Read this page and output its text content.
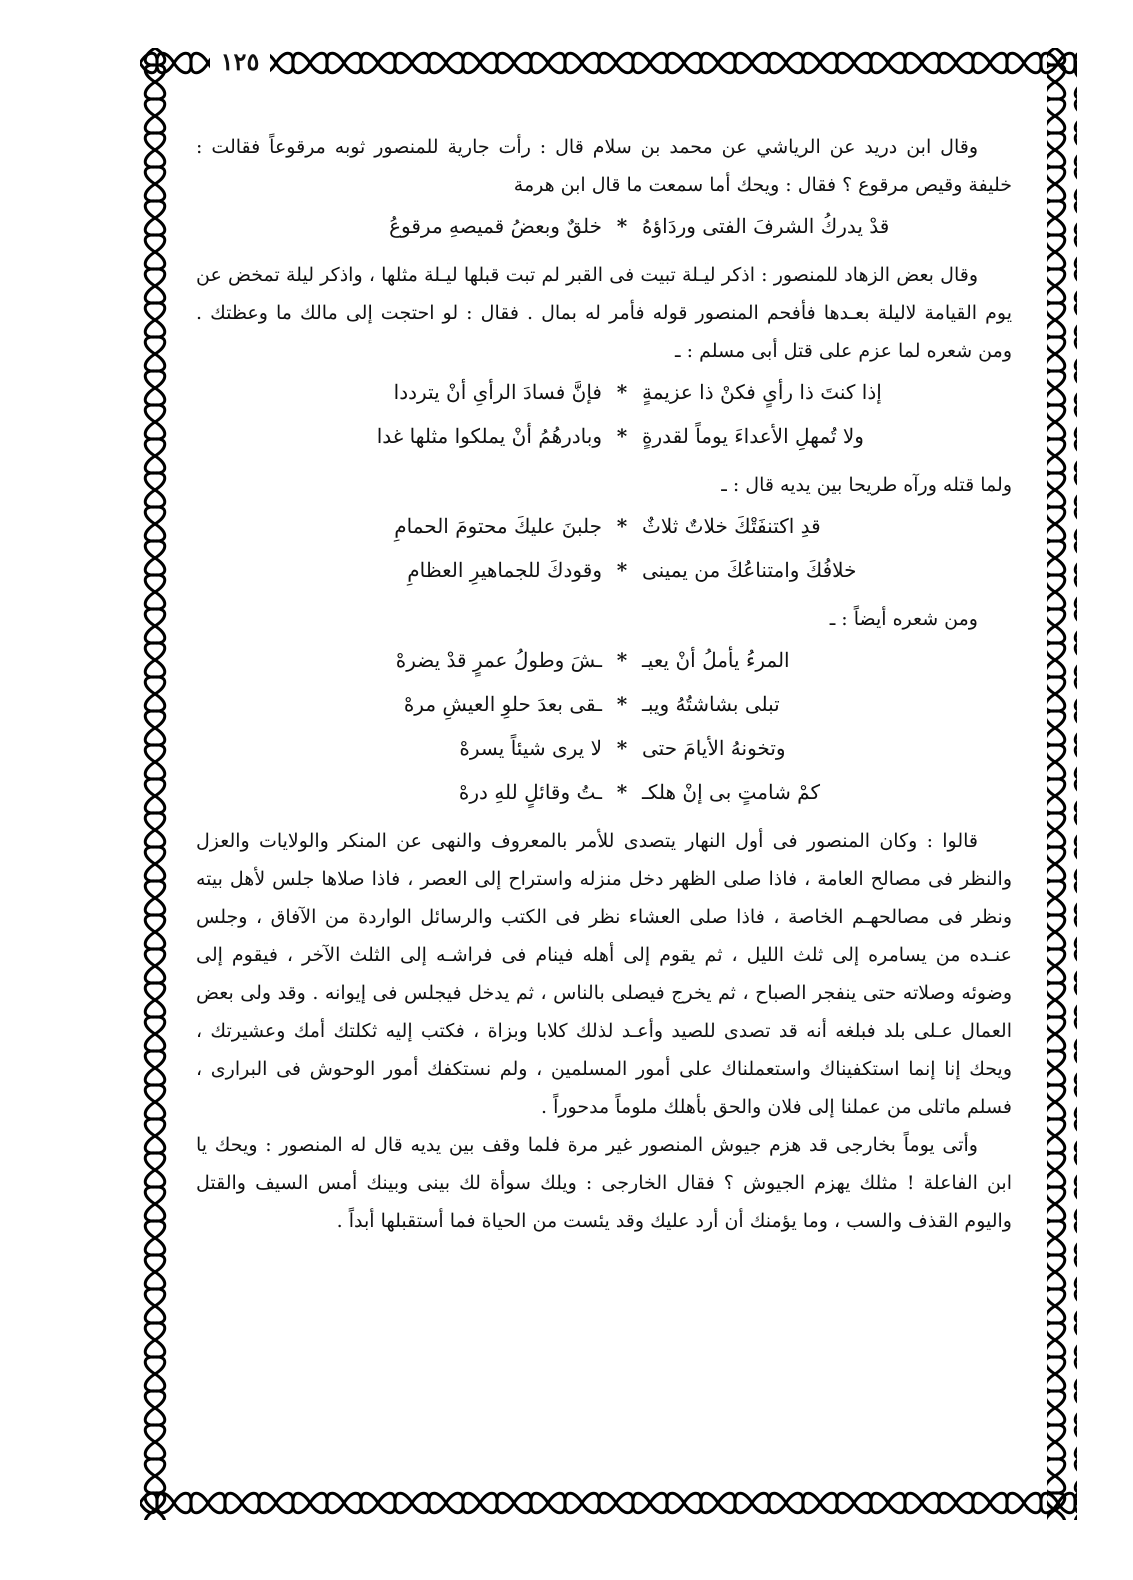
١٢٥

وقال ابن دريد عن الرياشي عن محمد بن سلام قال : رأت جارية للمنصور ثوبه مرقوعاً فقالت : خليفة وقيص مرقوع ؟ فقال : ويحك أما سمعت ما قال ابن هرمة

قدْ يدركُ الشرفَ الفتى وردَاؤهُ
*
خلقٌ وبعضُ قميصهِ مرقوعُ

وقال بعض الزهاد للمنصور : اذكر ليـلة تبيت فى القبر لم تبت قبلها ليـلة مثلها ، واذكر ليلة تمخض عن يوم القيامة لاليلة بعـدها فأفحم المنصور قوله فأمر له بمال . فقال : لو احتجت إلى مالك ما وعظتك . ومن شعره لما عزم على قتل أبى مسلم : ـ

إذا كنتَ ذا رأىٍ فكنْ ذا عزيمةٍ
*
فإنَّ فسادَ الرأىِ أنْ يترددا
ولا تُمهلِ الأعداءَ يوماً لقدرةٍ
*
وبادرهُمُ أنْ يملكوا مثلها غدا

ولما قتله ورآه طريحا بين يديه قال : ـ

قدِ اكتنفَتْكَ خلاتٌ ثلاثٌ
*
جلبنَ عليكَ محتومَ الحمامِ
خلافُكَ وامتناعُكَ من يمينى
*
وقودكَ للجماهيرِ العظامِ

ومن شعره أيضاً : ـ

المرءُ يأملُ أنْ يعيـ
*
ـشَ وطولُ عمرٍ قدْ يضرهْ
تبلى بشاشتُهُ ويبـ
*
ـقى بعدَ حلوِ العيشِ مرهْ
وتخونهُ الأيامَ حتى
*
لا يرى شيئاً يسرهْ
كمْ شامتٍ بى إنْ هلكـ
*
ـتُ وقائلٍ للهِ درهْ

قالوا : وكان المنصور فى أول النهار يتصدى للأمر بالمعروف والنهى عن المنكر والولايات والعزل والنظر فى مصالح العامة ، فاذا صلى الظهر دخل منزله واستراح إلى العصر ، فاذا صلاها جلس لأهل بيته ونظر فى مصالحهـم الخاصة ، فاذا صلى العشاء نظر فى الكتب والرسائل الواردة من الآفاق ، وجلس عنـده من يسامره إلى ثلث الليل ، ثم يقوم إلى أهله فينام فى فراشـه إلى الثلث الآخر ، فيقوم إلى وضوئه وصلاته حتى ينفجر الصباح ، ثم يخرج فيصلى بالناس ، ثم يدخل فيجلس فى إيوانه . وقد ولى بعض العمال عـلى بلد فبلغه أنه قد تصدى للصيد وأعـد لذلك كلابا وبزاة ، فكتب إليه ثكلتك أمك وعشيرتك ، ويحك إنا إنما استكفيناك واستعملناك على أمور المسلمين ، ولم نستكفك أمور الوحوش فى البرارى ، فسلم ماتلى من عملنا إلى فلان والحق بأهلك ملوماً مدحوراً .

وأتى يوماً بخارجى قد هزم جيوش المنصور غير مرة فلما وقف بين يديه قال له المنصور : ويحك يا ابن الفاعلة ! مثلك يهزم الجيوش ؟ فقال الخارجى : ويلك سوأة لك بينى وبينك أمس السيف والقتل واليوم القذف والسب ، وما يؤمنك أن أرد عليك وقد يئست من الحياة فما أستقبلها أبداً .
